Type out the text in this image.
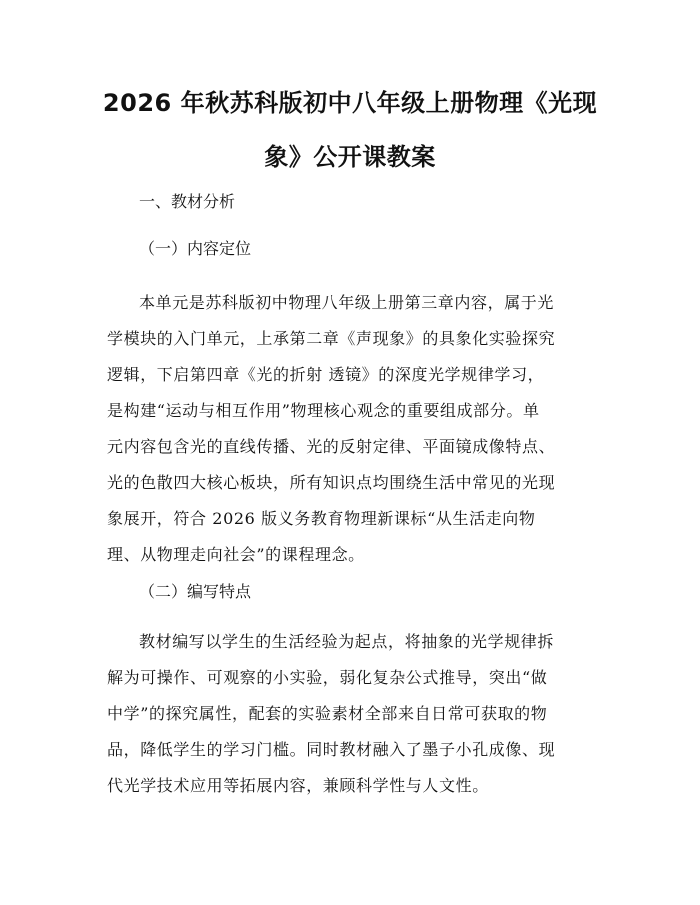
2026 年秋苏科版初中八年级上册物理《光现
象》公开课教案

一、教材分析

（一）内容定位

本单元是苏科版初中物理八年级上册第三章内容，属于光
学模块的入门单元，上承第二章《声现象》的具象化实验探究
逻辑，下启第四章《光的折射 透镜》的深度光学规律学习，
是构建“运动与相互作用”物理核心观念的重要组成部分。单
元内容包含光的直线传播、光的反射定律、平面镜成像特点、
光的色散四大核心板块，所有知识点均围绕生活中常见的光现
象展开，符合 2026 版义务教育物理新课标“从生活走向物
理、从物理走向社会”的课程理念。

（二）编写特点

教材编写以学生的生活经验为起点，将抽象的光学规律拆
解为可操作、可观察的小实验，弱化复杂公式推导，突出“做
中学”的探究属性，配套的实验素材全部来自日常可获取的物
品，降低学生的学习门槛。同时教材融入了墨子小孔成像、现
代光学技术应用等拓展内容，兼顾科学性与人文性。
